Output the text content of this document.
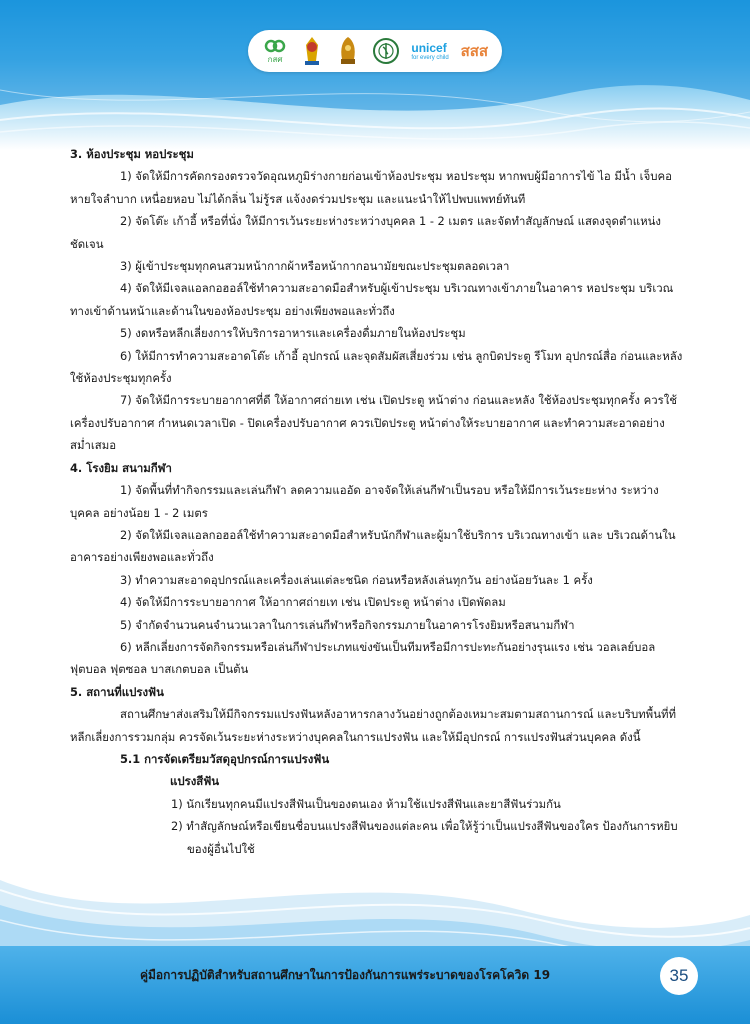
กสศ
unicef
for every child สสส

3. ห้องประชุม หอประชุม

1) จัดให้มีการคัดกรองตรวจวัดอุณหภูมิร่างกายก่อนเข้าห้องประชุม หอประชุม หากพบผู้มีอาการไข้ ไอ มีน้ำ เจ็บคอ หายใจลำบาก เหนื่อยหอบ ไม่ได้กลิ่น ไม่รู้รส แจ้งงดร่วมประชุม และแนะนำให้ไปพบแพทย์ทันที

2) จัดโต๊ะ เก้าอี้ หรือที่นั่ง ให้มีการเว้นระยะห่างระหว่างบุคคล 1 - 2 เมตร และจัดทำสัญลักษณ์ แสดงจุดตำแหน่งชัดเจน

3) ผู้เข้าประชุมทุกคนสวมหน้ากากผ้าหรือหน้ากากอนามัยขณะประชุมตลอดเวลา

4) จัดให้มีเจลแอลกอฮอล์ใช้ทำความสะอาดมือสำหรับผู้เข้าประชุม บริเวณทางเข้าภายในอาคาร หอประชุม บริเวณทางเข้าด้านหน้าและด้านในของห้องประชุม อย่างเพียงพอและทั่วถึง

5) งดหรือหลีกเลี่ยงการให้บริการอาหารและเครื่องดื่มภายในห้องประชุม

6) ให้มีการทำความสะอาดโต๊ะ เก้าอี้ อุปกรณ์ และจุดสัมผัสเสี่ยงร่วม เช่น ลูกบิดประตู รีโมท อุปกรณ์สื่อ ก่อนและหลังใช้ห้องประชุมทุกครั้ง

7) จัดให้มีการระบายอากาศที่ดี ให้อากาศถ่ายเท เช่น เปิดประตู หน้าต่าง ก่อนและหลัง ใช้ห้องประชุมทุกครั้ง ควรใช้เครื่องปรับอากาศ กำหนดเวลาเปิด - ปิดเครื่องปรับอากาศ ควรเปิดประตู หน้าต่างให้ระบายอากาศ และทำความสะอาดอย่างสม่ำเสมอ

4. โรงยิม สนามกีฬา

1) จัดพื้นที่ทำกิจกรรมและเล่นกีฬา ลดความแออัด อาจจัดให้เล่นกีฬาเป็นรอบ หรือให้มีการเว้นระยะห่าง ระหว่างบุคคล อย่างน้อย 1 - 2 เมตร

2) จัดให้มีเจลแอลกอฮอล์ใช้ทำความสะอาดมือสำหรับนักกีฬาและผู้มาใช้บริการ บริเวณทางเข้า และ บริเวณด้านในอาคารอย่างเพียงพอและทั่วถึง

3) ทำความสะอาดอุปกรณ์และเครื่องเล่นแต่ละชนิด ก่อนหรือหลังเล่นทุกวัน อย่างน้อยวันละ 1 ครั้ง

4) จัดให้มีการระบายอากาศ ให้อากาศถ่ายเท เช่น เปิดประตู หน้าต่าง เปิดพัดลม

5) จำกัดจำนวนคนจำนวนเวลาในการเล่นกีฬาหรือกิจกรรมภายในอาคารโรงยิมหรือสนามกีฬา

6) หลีกเลี่ยงการจัดกิจกรรมหรือเล่นกีฬาประเภทแข่งขันเป็นทีมหรือมีการปะทะกันอย่างรุนแรง เช่น วอลเลย์บอล ฟุตบอล ฟุตซอล บาสเกตบอล เป็นต้น

5. สถานที่แปรงฟัน

สถานศึกษาส่งเสริมให้มีกิจกรรมแปรงฟันหลังอาหารกลางวันอย่างถูกต้องเหมาะสมตามสถานการณ์ และบริบทพื้นที่ที่หลีกเลี่ยงการรวมกลุ่ม ควรจัดเว้นระยะห่างระหว่างบุคคลในการแปรงฟัน และให้มีอุปกรณ์ การแปรงฟันส่วนบุคคล ดังนี้

5.1 การจัดเตรียมวัสดุอุปกรณ์การแปรงฟัน

แปรงสีฟัน

1) นักเรียนทุกคนมีแปรงสีฟันเป็นของตนเอง ห้ามใช้แปรงสีฟันและยาสีฟันร่วมกัน

2) ทำสัญลักษณ์หรือเขียนชื่อบนแปรงสีฟันของแต่ละคน เพื่อให้รู้ว่าเป็นแปรงสีฟันของใคร ป้องกันการหยิบของผู้อื่นไปใช้

คู่มือการปฏิบัติสำหรับสถานศึกษาในการป้องกันการแพร่ระบาดของโรคโควิด 19	35
